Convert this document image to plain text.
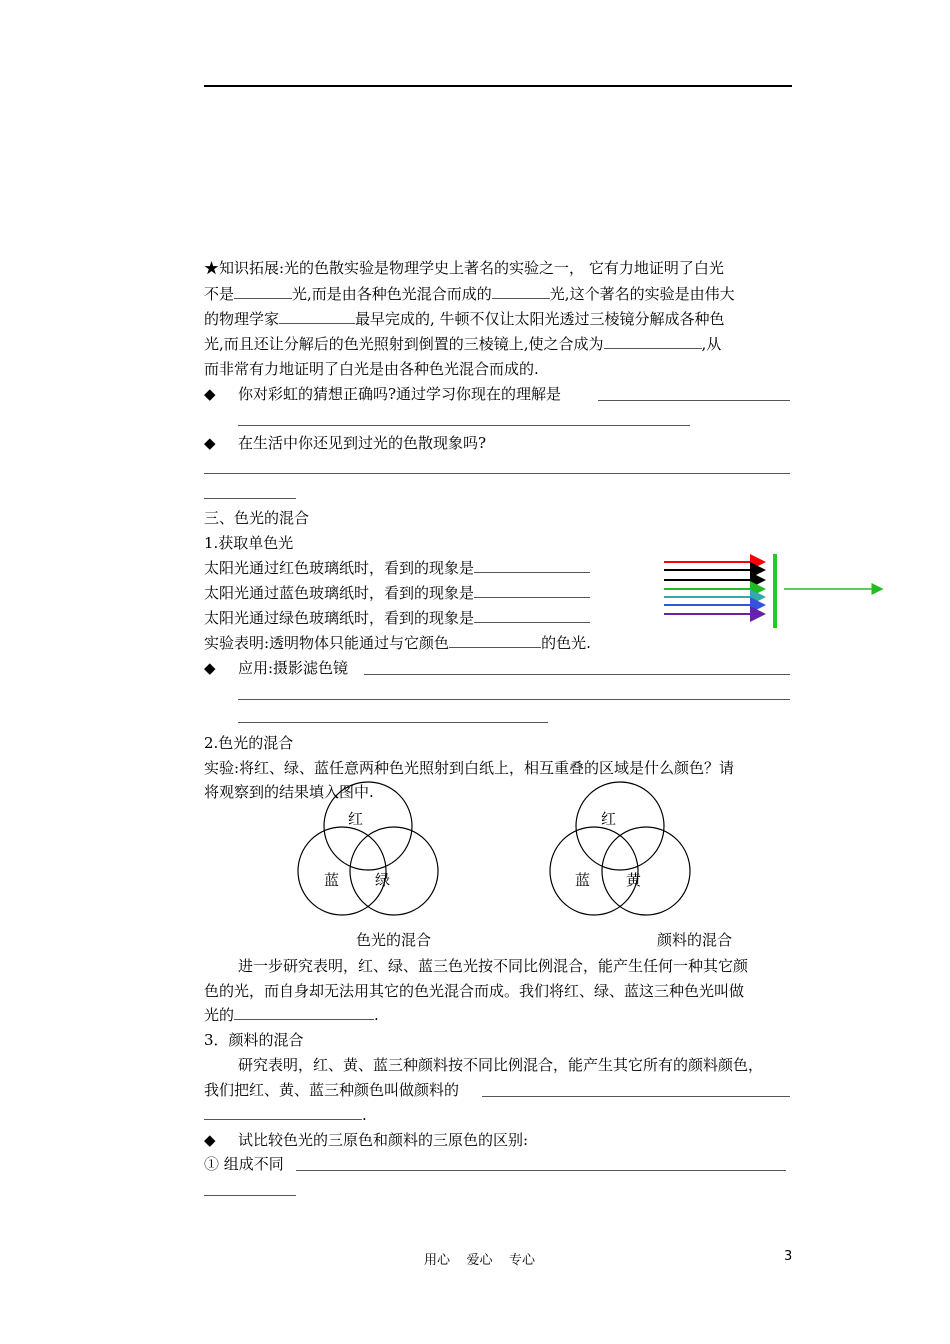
★知识拓展:光的色散实验是物理学史上著名的实验之一， 它有力地证明了白光
不是	光,而是由各种色光混合而成的	光,这个著名的实验是由伟大
的物理学家	最早完成的, 牛顿不仅让太阳光透过三棱镜分解成各种色
光,而且还让分解后的色光照射到倒置的三棱镜上,使之合成为	,从
而非常有力地证明了白光是由各种色光混合而成的.
◆ 你对彩虹的猜想正确吗?通过学习你现在的理解是
◆ 在生活中你还见到过光的色散现象吗?
三、色光的混合
1.获取单色光
太阳光通过红色玻璃纸时，看到的现象是
太阳光通过蓝色玻璃纸时，看到的现象是
太阳光通过绿色玻璃纸时，看到的现象是
实验表明:透明物体只能通过与它颜色	的色光.
◆ 应用:摄影滤色镜
2.色光的混合
实验:将红、绿、蓝任意两种色光照射到白纸上，相互重叠的区域是什么颜色？请
将观察到的结果填入图中.
红
蓝 绿
色光的混合
红
蓝 黄
颜料的混合
进一步研究表明，红、绿、蓝三色光按不同比例混合，能产生任何一种其它颜
色的光，而自身却无法用其它的色光混合而成。我们将红、绿、蓝这三种色光叫做
光的	.
3．颜料的混合
研究表明，红、黄、蓝三种颜料按不同比例混合，能产生其它所有的颜料颜色，
我们把红、黄、蓝三种颜色叫做颜料的
.
◆ 试比较色光的三原色和颜料的三原色的区别:
① 组成不同
用心    爱心    专心	3
